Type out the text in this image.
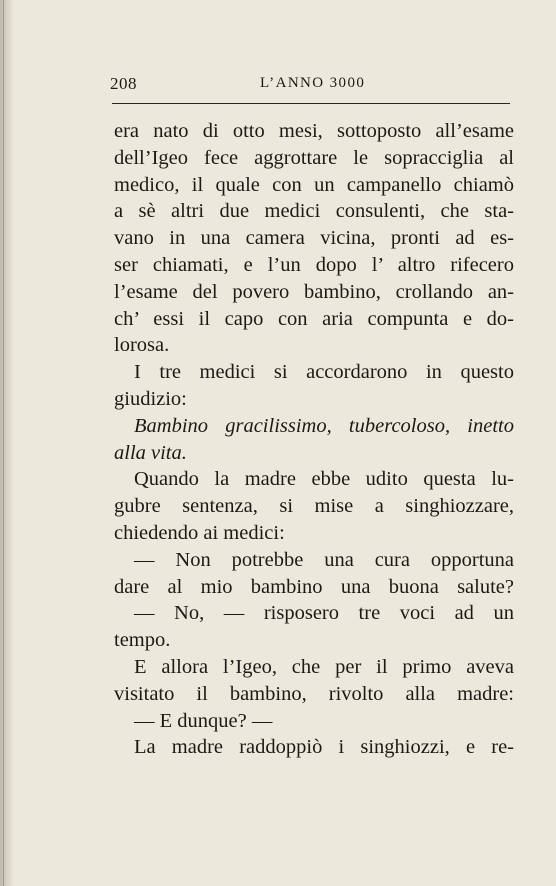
208	L’ANNO 3000
era nato di otto mesi, sottoposto all’esame
dell’Igeo fece aggrottare le sopracciglia al
medico, il quale con un campanello chiamò
a sè altri due medici consulenti, che sta-
vano in una camera vicina, pronti ad es-
ser chiamati, e l’un dopo l’ altro rifecero
l’esame del povero bambino, crollando an-
ch’ essi il capo con aria compunta e do-
lorosa.
I tre medici si accordarono in questo
giudizio:
Bambino gracilissimo, tubercoloso, inetto
alla vita.
Quando la madre ebbe udito questa lu-
gubre sentenza, si mise a singhiozzare,
chiedendo ai medici:
— Non potrebbe una cura opportuna
dare al mio bambino una buona salute?
— No, — risposero tre voci ad un
tempo.
E allora l’Igeo, che per il primo aveva
visitato il bambino, rivolto alla madre:
— E dunque? —
La madre raddoppiò i singhiozzi, e re-
